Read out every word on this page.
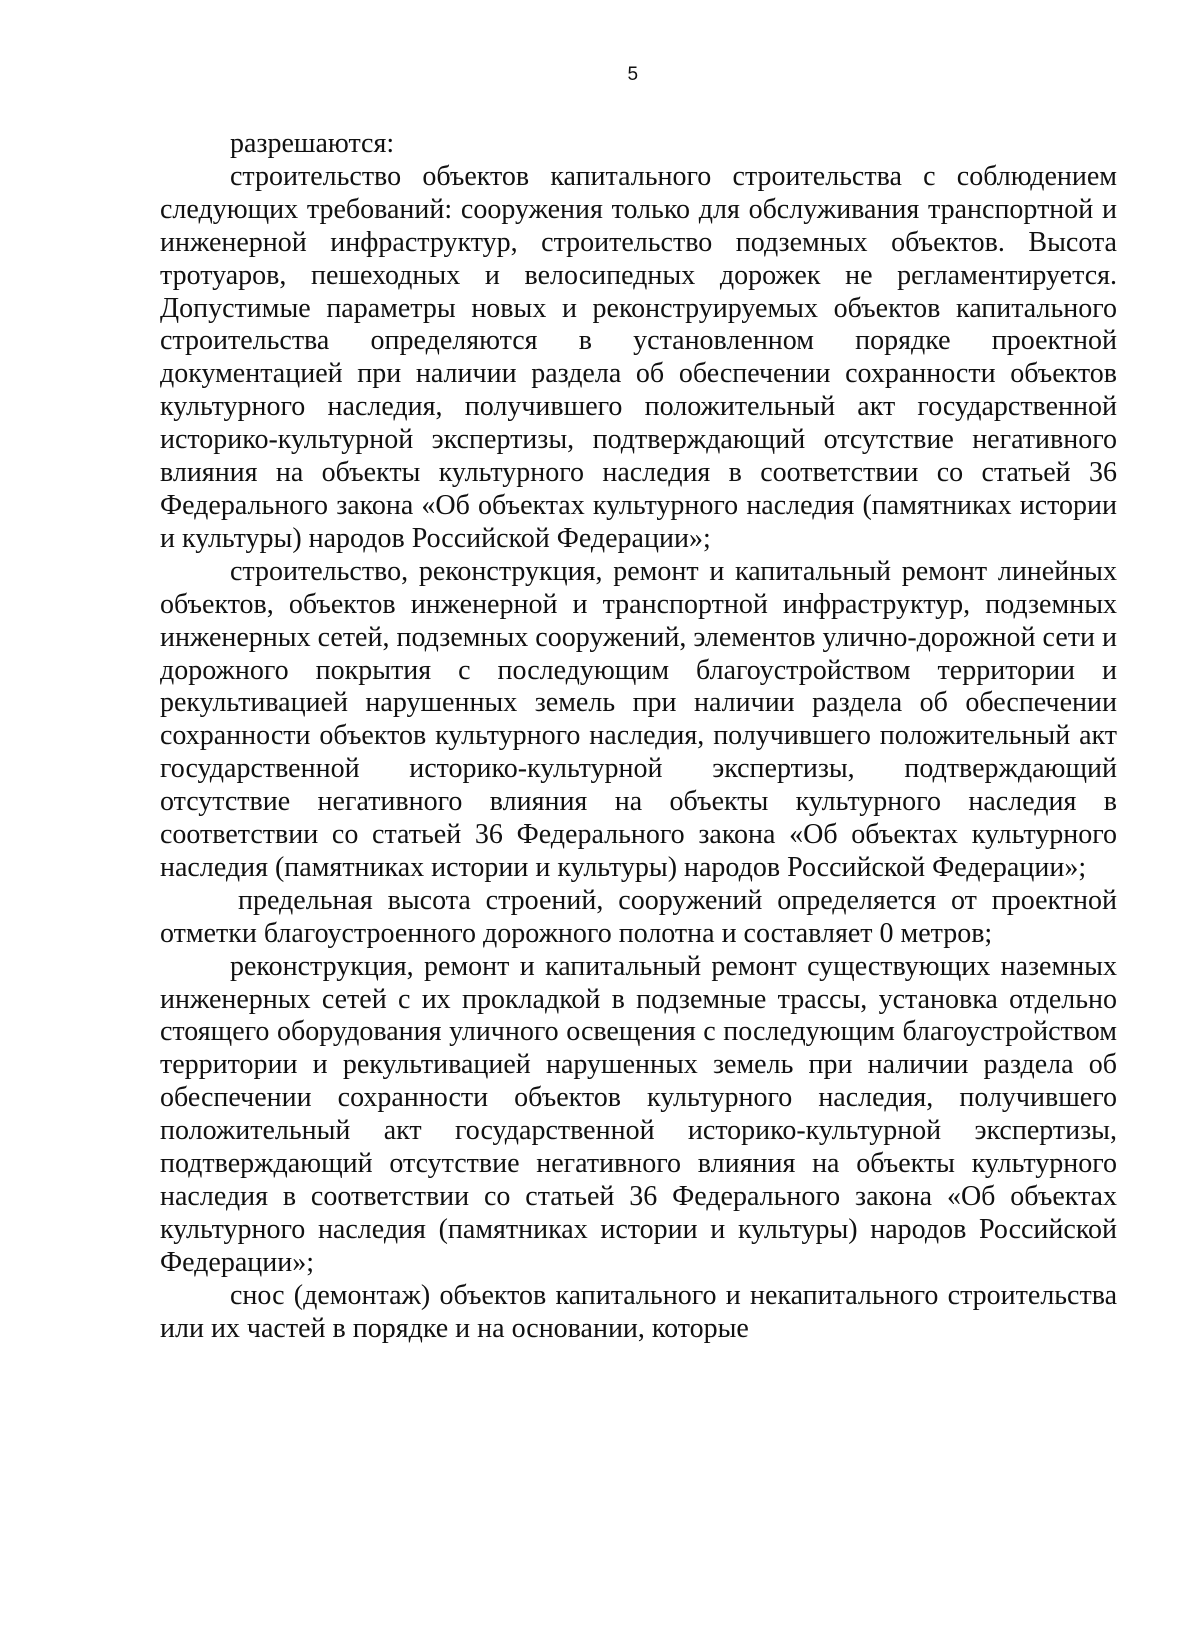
5

разрешаются:

строительство объектов капитального строительства с соблюдением следующих требований: сооружения только для обслуживания транспортной и инженерной инфраструктур, строительство подземных объектов. Высота тротуаров, пешеходных и велосипедных дорожек не регламентируется. Допустимые параметры новых и реконструируемых объектов капитального строительства определяются в установленном порядке проектной документацией при наличии раздела об обеспечении сохранности объектов культурного наследия, получившего положительный акт государственной историко-культурной экспертизы, подтверждающий отсутствие негативного влияния на объекты культурного наследия в соответствии со статьей 36 Федерального закона «Об объектах культурного наследия (памятниках истории и культуры) народов Российской Федерации»;

строительство, реконструкция, ремонт и капитальный ремонт линейных объектов, объектов инженерной и транспортной инфраструктур, подземных инженерных сетей, подземных сооружений, элементов улично-дорожной сети и дорожного покрытия с последующим благоустройством территории и рекультивацией нарушенных земель при наличии раздела об обеспечении сохранности объектов культурного наследия, получившего положительный акт государственной историко-культурной экспертизы, подтверждающий отсутствие негативного влияния на объекты культурного наследия в соответствии со статьей 36 Федерального закона «Об объектах культурного наследия (памятниках истории и культуры) народов Российской Федерации»;

предельная высота строений, сооружений определяется от проектной отметки благоустроенного дорожного полотна и составляет 0 метров;

реконструкция, ремонт и капитальный ремонт существующих наземных инженерных сетей с их прокладкой в подземные трассы, установка отдельно стоящего оборудования уличного освещения с последующим благоустройством территории и рекультивацией нарушенных земель при наличии раздела об обеспечении сохранности объектов культурного наследия, получившего положительный акт государственной историко-культурной экспертизы, подтверждающий отсутствие негативного влияния на объекты культурного наследия в соответствии со статьей 36 Федерального закона «Об объектах культурного наследия (памятниках истории и культуры) народов Российской Федерации»;

снос (демонтаж) объектов капитального и некапитального строительства или их частей в порядке и на основании, которые
